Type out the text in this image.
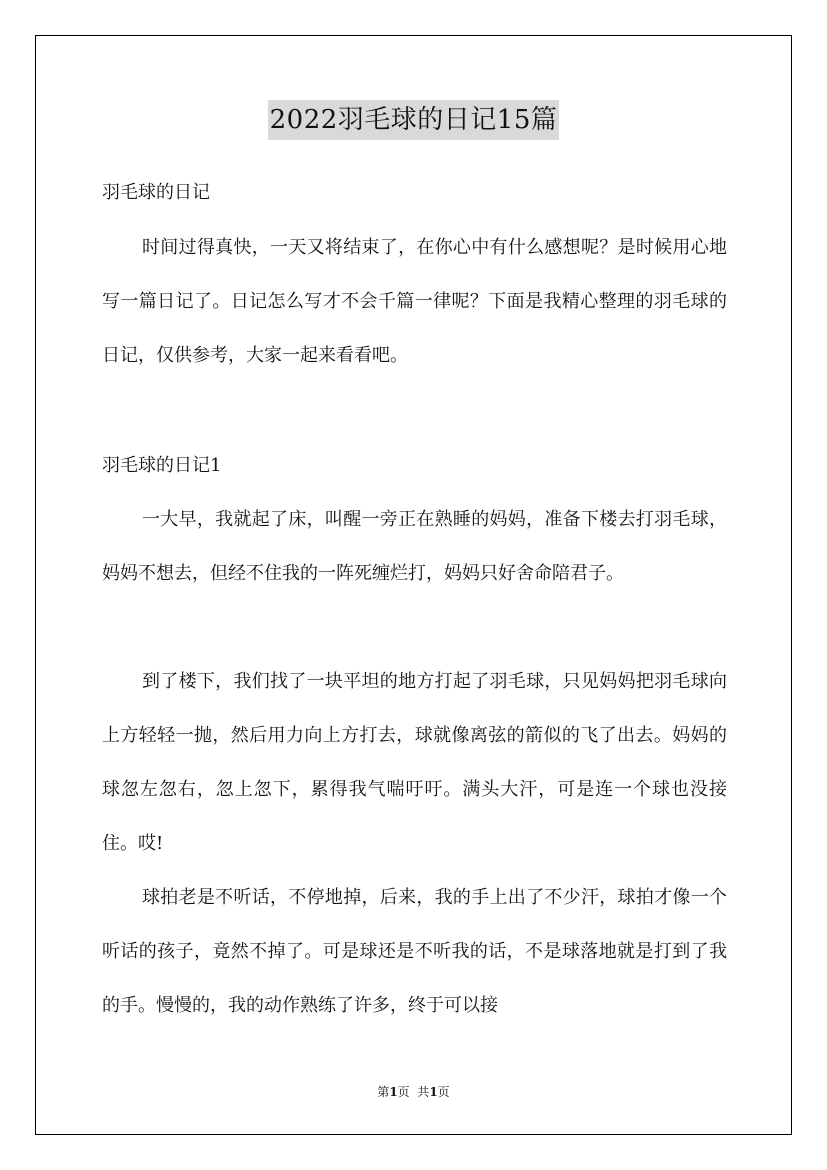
2022羽毛球的日记15篇
羽毛球的日记
时间过得真快，一天又将结束了，在你心中有什么感想呢？是时候用心地写一篇日记了。日记怎么写才不会千篇一律呢？下面是我精心整理的羽毛球的日记，仅供参考，大家一起来看看吧。
羽毛球的日记1
一大早，我就起了床，叫醒一旁正在熟睡的妈妈，准备下楼去打羽毛球，妈妈不想去，但经不住我的一阵死缠烂打，妈妈只好舍命陪君子。
到了楼下，我们找了一块平坦的地方打起了羽毛球，只见妈妈把羽毛球向上方轻轻一抛，然后用力向上方打去，球就像离弦的箭似的飞了出去。妈妈的球忽左忽右，忽上忽下，累得我气喘吁吁。满头大汗，可是连一个球也没接住。哎!
球拍老是不听话，不停地掉，后来，我的手上出了不少汗，球拍才像一个听话的孩子，竟然不掉了。可是球还是不听我的话，不是球落地就是打到了我的手。慢慢的，我的动作熟练了许多，终于可以接
第1页  共1页
